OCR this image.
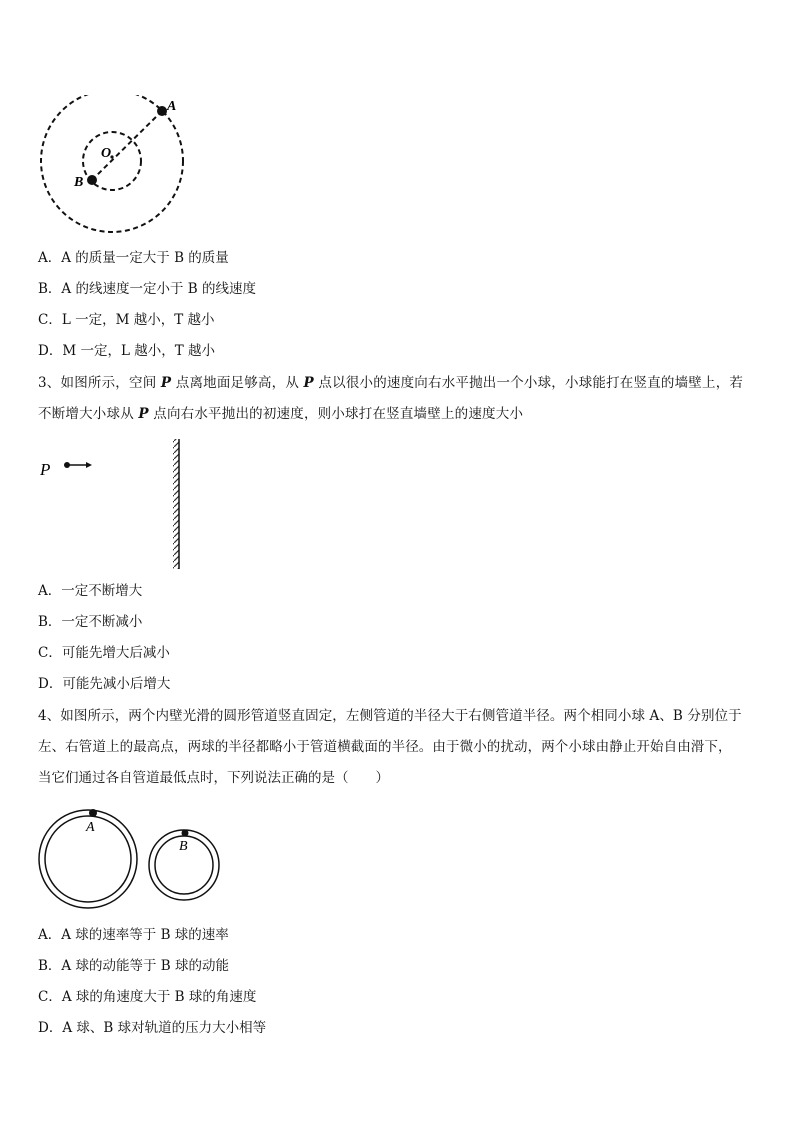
A
B
O
A．A 的质量一定大于 B 的质量
B．A 的线速度一定小于 B 的线速度
C．L 一定，M 越小，T 越小
D．M 一定，L 越小，T 越小
3、如图所示，空间 P 点离地面足够高，从 P 点以很小的速度向右水平抛出一个小球，小球能打在竖直的墙壁上，若
不断增大小球从 P 点向右水平抛出的初速度，则小球打在竖直墙壁上的速度大小
P
A．一定不断增大
B．一定不断减小
C．可能先增大后减小
D．可能先减小后增大
4、如图所示，两个内壁光滑的圆形管道竖直固定，左侧管道的半径大于右侧管道半径。两个相同小球 A、B 分别位于
左、右管道上的最高点，两球的半径都略小于管道横截面的半径。由于微小的扰动，两个小球由静止开始自由滑下，
当它们通过各自管道最低点时，下列说法正确的是（　　）
A
B
A．A 球的速率等于 B 球的速率
B．A 球的动能等于 B 球的动能
C．A 球的角速度大于 B 球的角速度
D．A 球、B 球对轨道的压力大小相等
